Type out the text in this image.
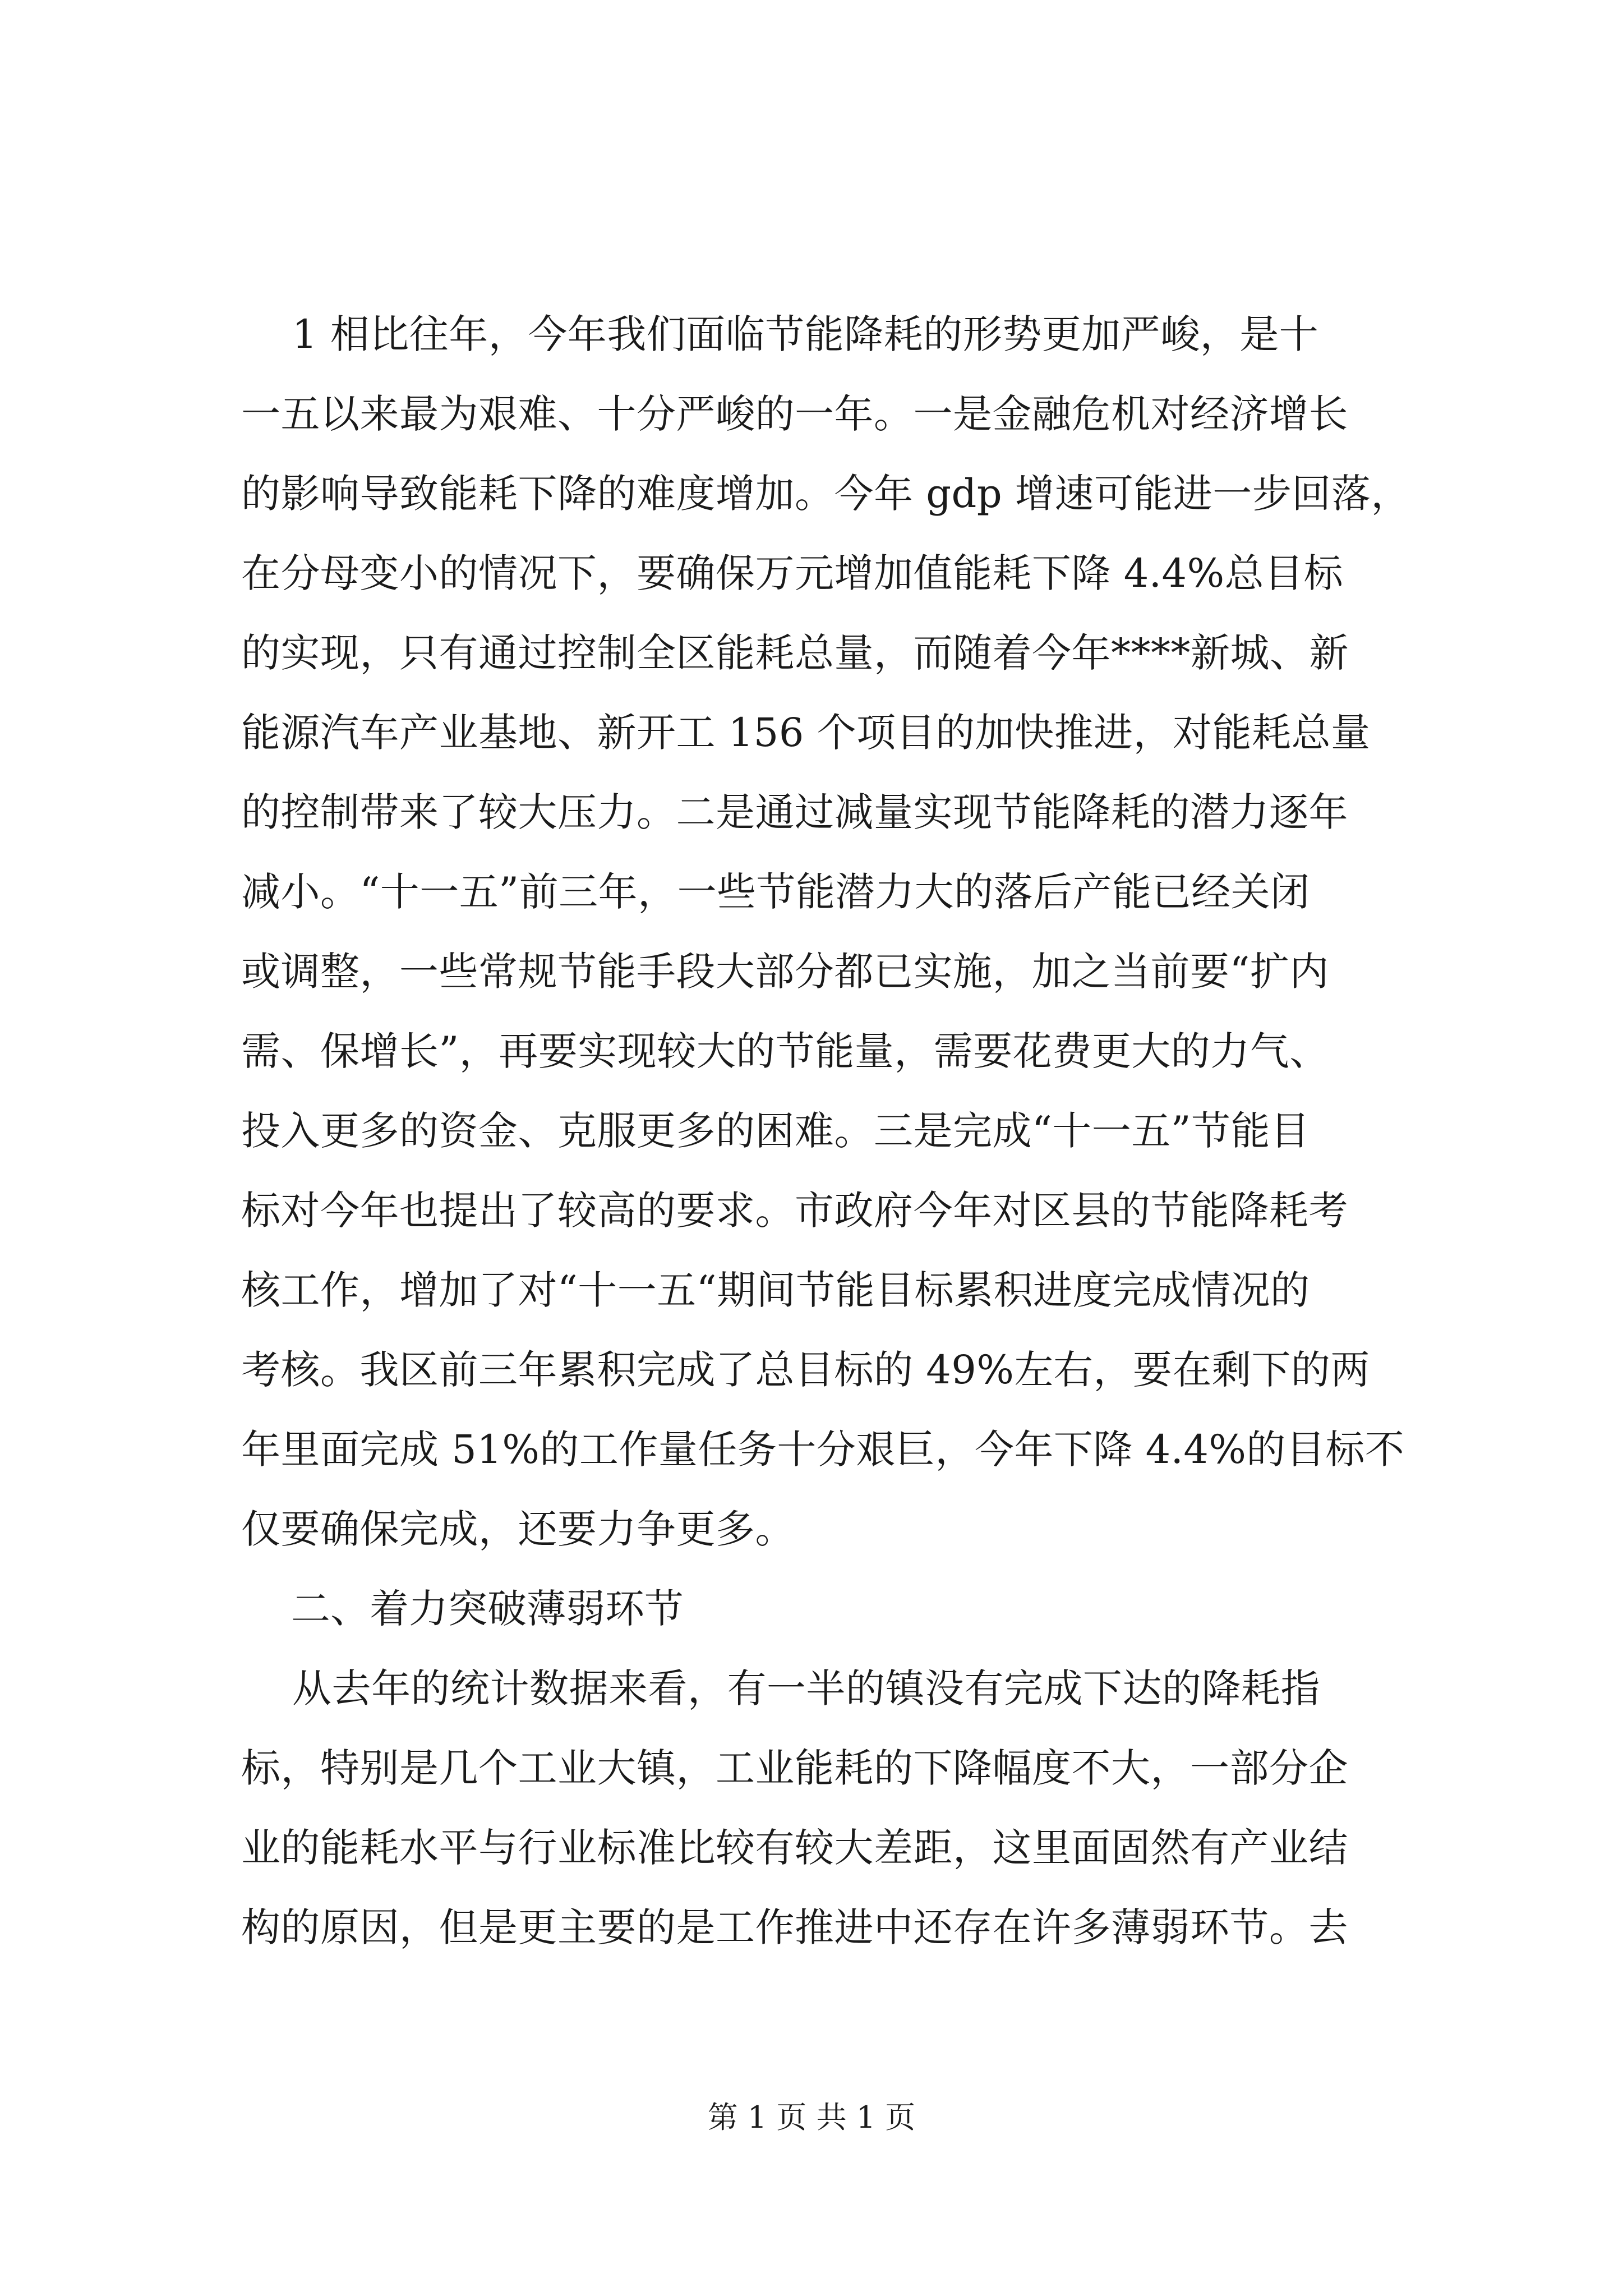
1 相比往年，今年我们面临节能降耗的形势更加严峻，是十
一五以来最为艰难、十分严峻的一年。一是金融危机对经济增长
的影响导致能耗下降的难度增加。今年 gdp 增速可能进一步回落，
在分母变小的情况下，要确保万元增加值能耗下降 4.4%总目标
的实现，只有通过控制全区能耗总量，而随着今年****新城、新
能源汽车产业基地、新开工 156 个项目的加快推进，对能耗总量
的控制带来了较大压力。二是通过减量实现节能降耗的潜力逐年
减小。“十一五”前三年，一些节能潜力大的落后产能已经关闭
或调整，一些常规节能手段大部分都已实施，加之当前要“扩内
需、保增长”，再要实现较大的节能量，需要花费更大的力气、
投入更多的资金、克服更多的困难。三是完成“十一五”节能目
标对今年也提出了较高的要求。市政府今年对区县的节能降耗考
核工作，增加了对“十一五“期间节能目标累积进度完成情况的
考核。我区前三年累积完成了总目标的 49%左右，要在剩下的两
年里面完成 51%的工作量任务十分艰巨，今年下降 4.4%的目标不
仅要确保完成，还要力争更多。
二、着力突破薄弱环节
从去年的统计数据来看，有一半的镇没有完成下达的降耗指
标，特别是几个工业大镇，工业能耗的下降幅度不大，一部分企
业的能耗水平与行业标准比较有较大差距，这里面固然有产业结
构的原因，但是更主要的是工作推进中还存在许多薄弱环节。去
第 1 页 共 1 页
